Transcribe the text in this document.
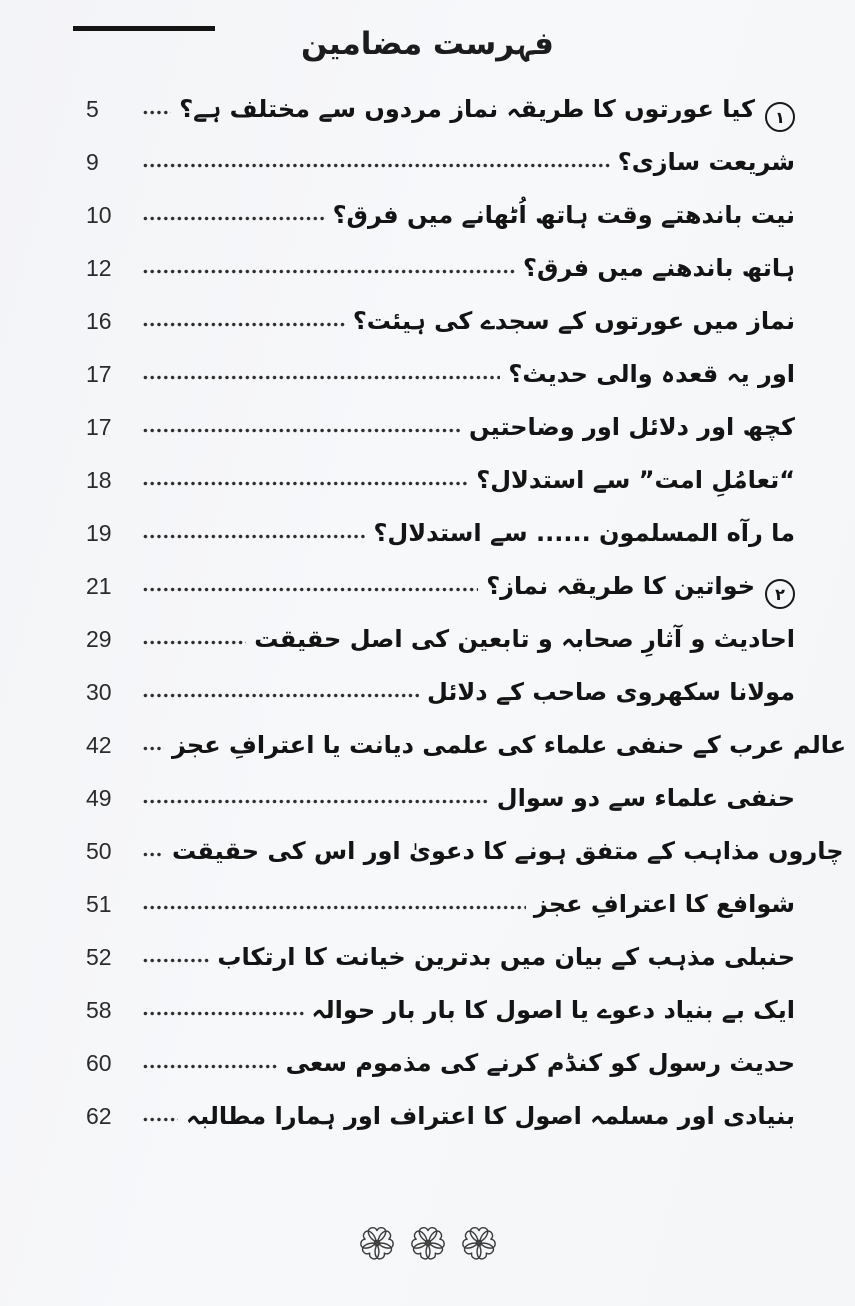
فہرست مضامین
5	۱کیا عورتوں کا طریقہ نماز مردوں سے مختلف ہے؟
9	شریعت سازی؟
10	نیت باندھتے وقت ہاتھ اُٹھانے میں فرق؟
12	ہاتھ باندھنے میں فرق؟
16	نماز میں عورتوں کے سجدے کی ہیئت؟
17	اور یہ قعدہ والی حدیث؟
17	کچھ اور دلائل اور وضاحتیں
18	“تعامُلِ امت” سے استدلال؟
19	ما رآه المسلمون ...... سے استدلال؟
21	۲خواتین کا طریقہ نماز؟
29	احادیث و آثارِ صحابہ و تابعین کی اصل حقیقت
30	مولانا سکھروی صاحب کے دلائل
42	عالم عرب کے حنفی علماء کی علمی دیانت یا اعترافِ عجز
49	حنفی علماء سے دو سوال
50	چاروں مذاہب کے متفق ہونے کا دعویٰ اور اس کی حقیقت
51	شوافع کا اعترافِ عجز
52	حنبلی مذہب کے بیان میں بدترین خیانت کا ارتکاب
58	ایک بے بنیاد دعوے یا اصول کا بار بار حوالہ
60	حدیث رسول کو کنڈم کرنے کی مذموم سعی
62	بنیادی اور مسلمہ اصول کا اعتراف اور ہمارا مطالبہ
